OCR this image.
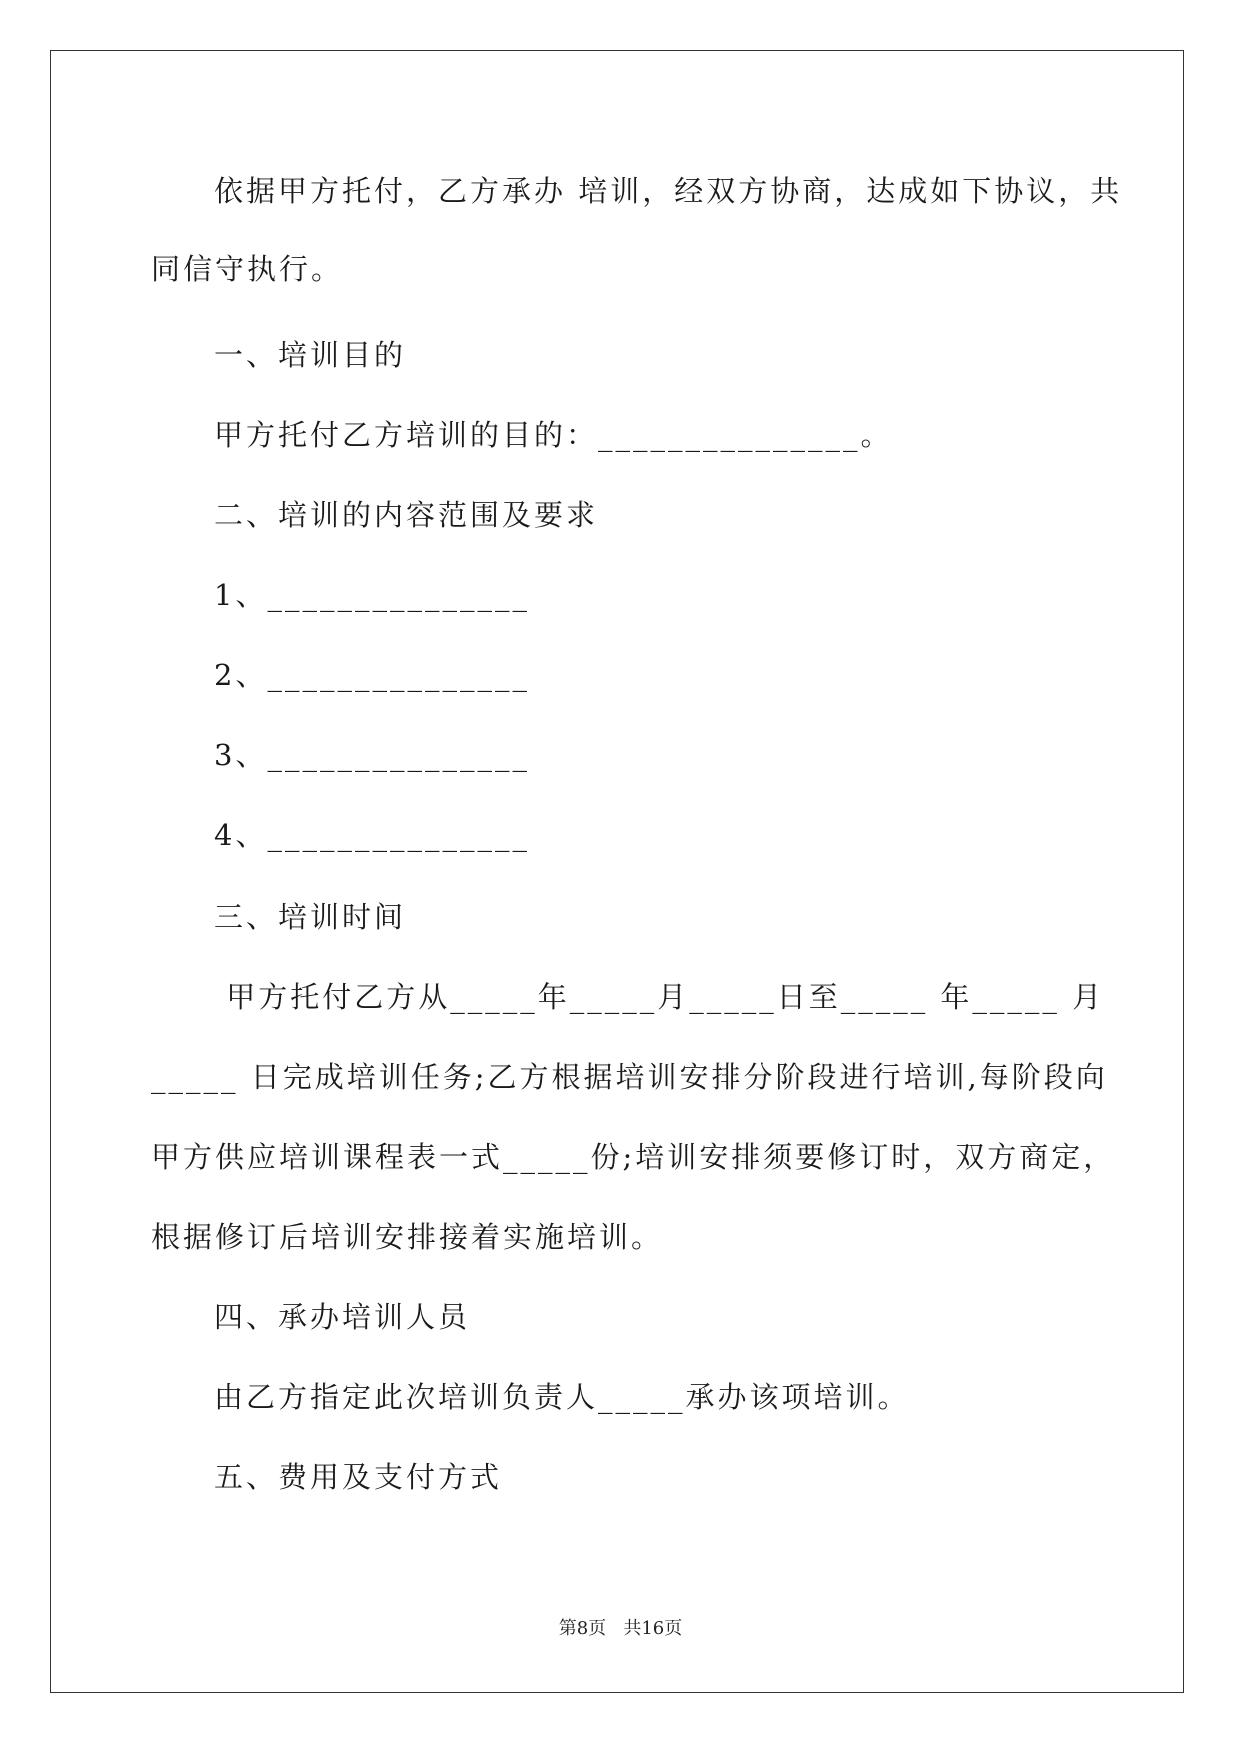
依据甲方托付，乙方承办 培训，经双方协商，达成如下协议，共
同信守执行。
一、培训目的
甲方托付乙方培训的目的：_______________。
二、培训的内容范围及要求
1、_______________
2、_______________
3、_______________
4、_______________
三、培训时间
甲方托付乙方从_____年_____月_____日至_____ 年_____ 月
_____ 日完成培训任务;乙方根据培训安排分阶段进行培训,每阶段向
甲方供应培训课程表一式_____份;培训安排须要修订时，双方商定，
根据修订后培训安排接着实施培训。
四、承办培训人员
由乙方指定此次培训负责人_____承办该项培训。
五、费用及支付方式
第8页   共16页
